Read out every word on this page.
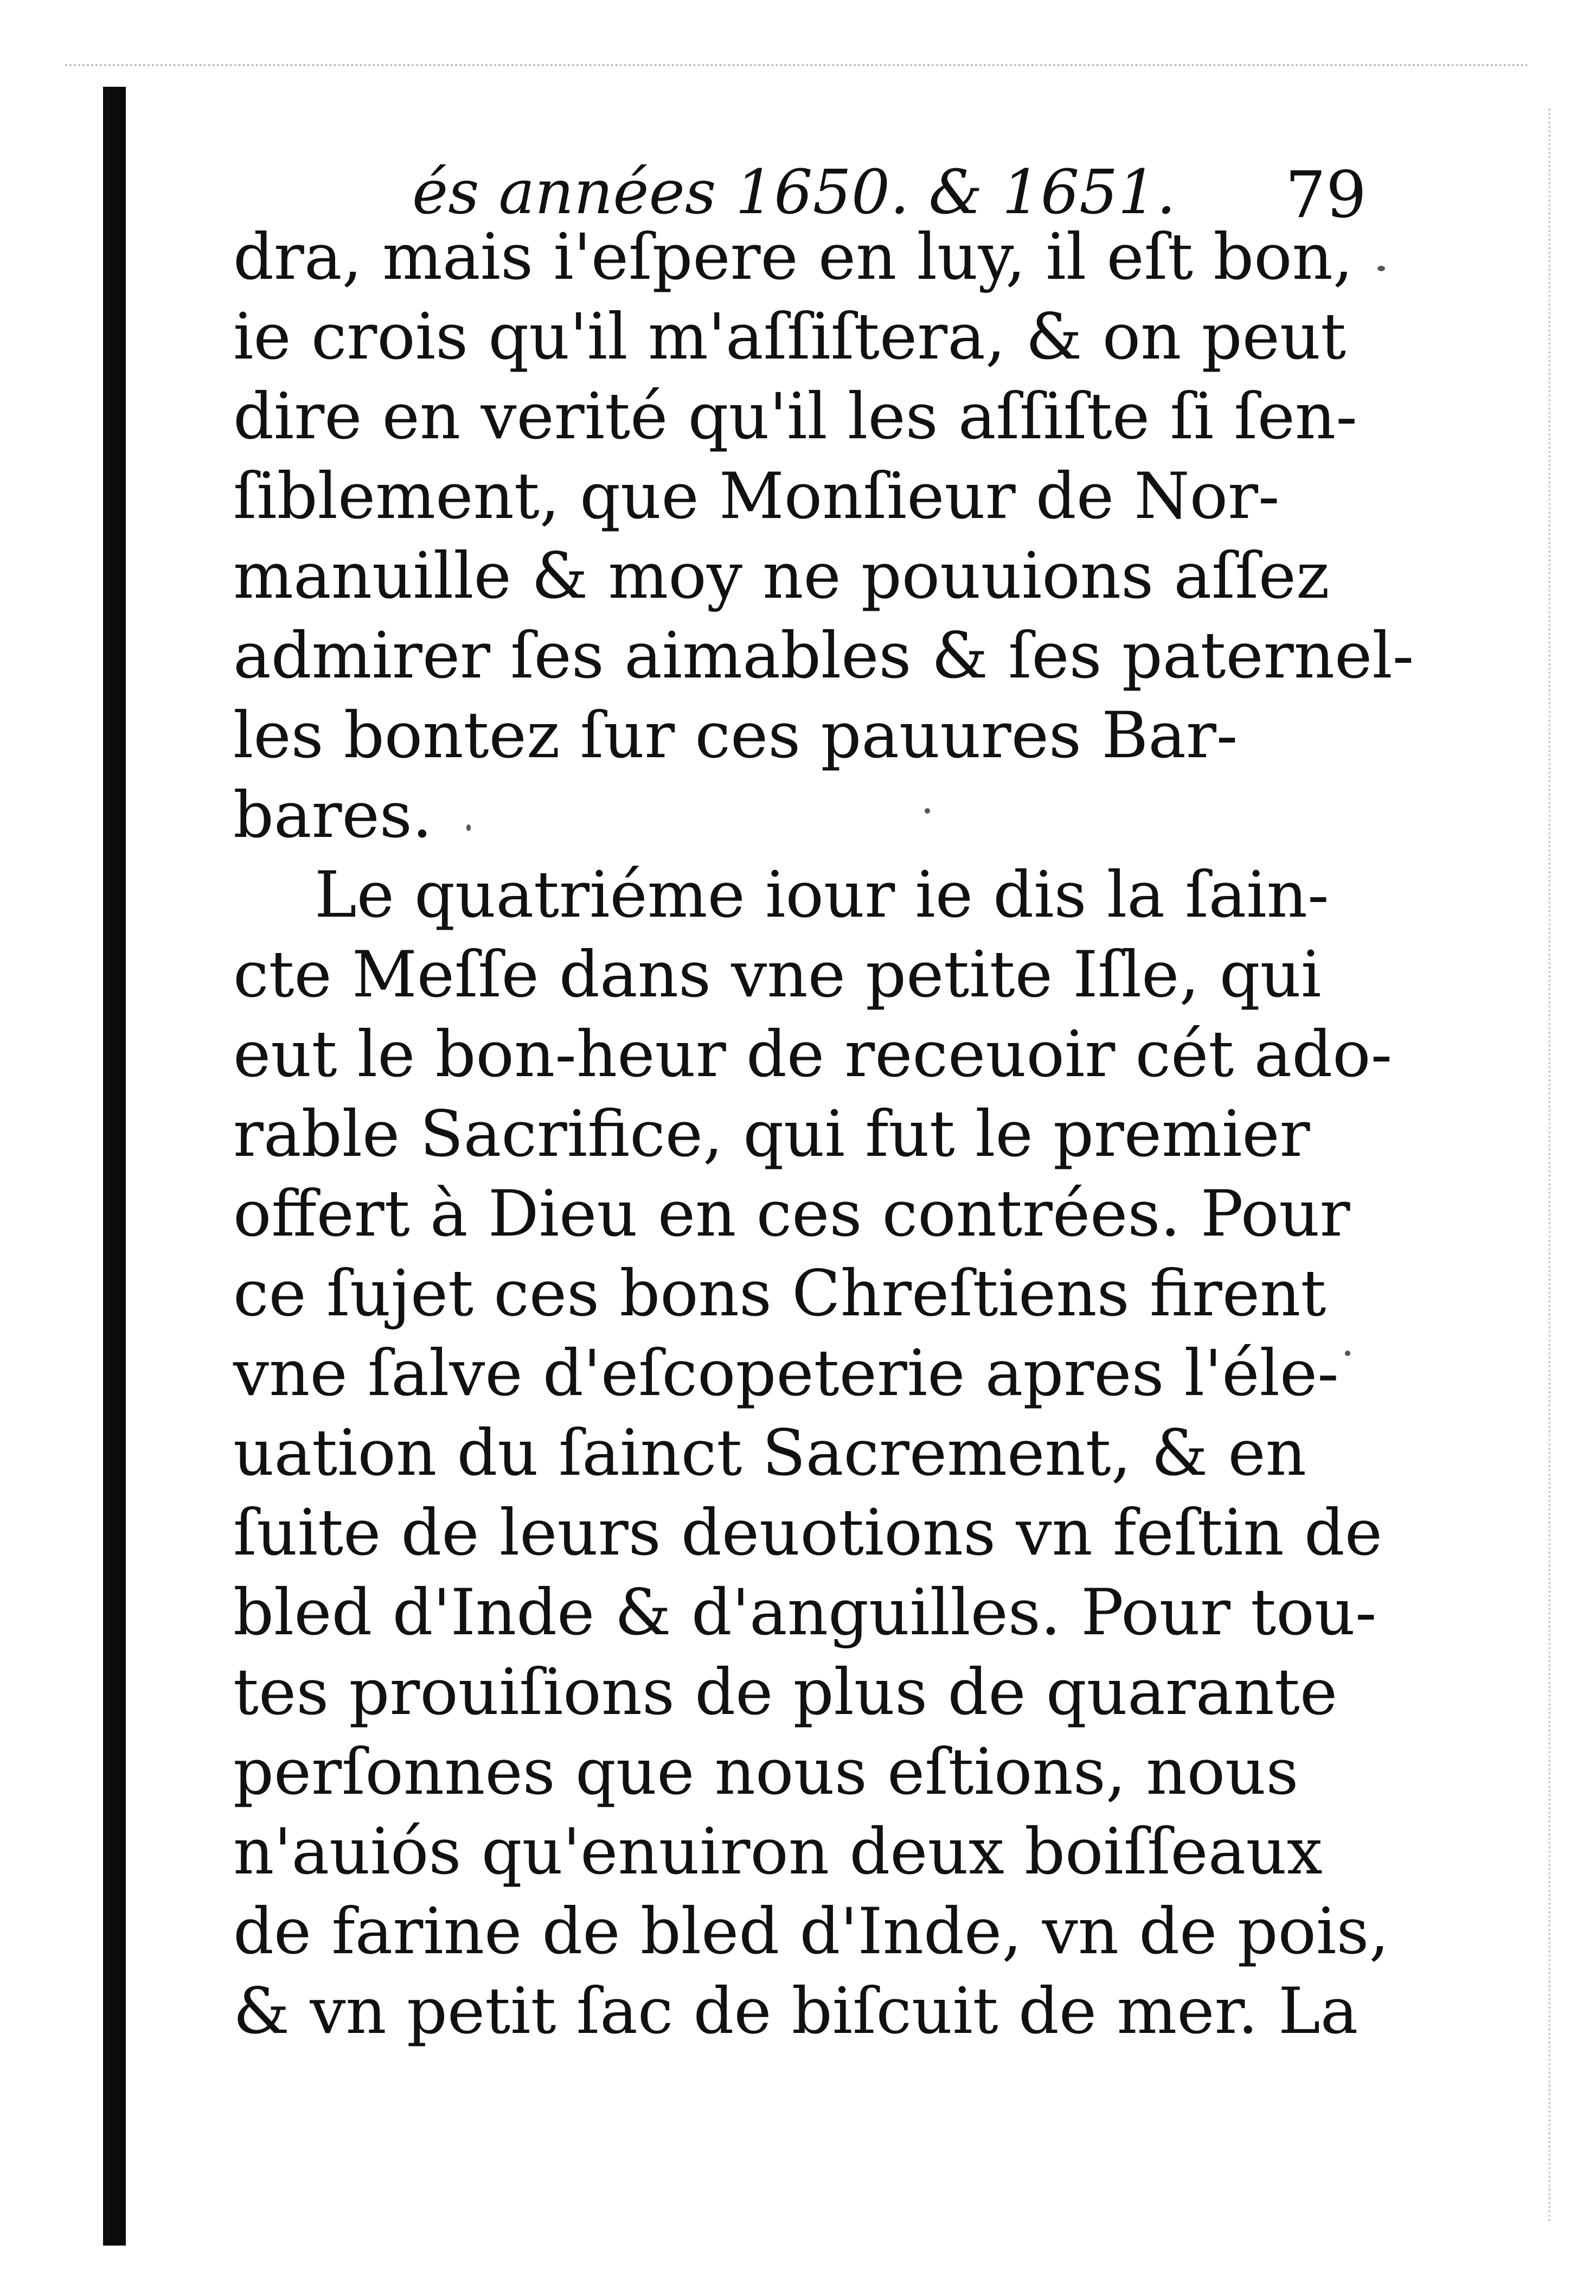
és années 1650. & 1651. 79
dra, mais i'eſpere en luy, il eſt bon,
ie crois qu'il m'aſſiſtera, & on peut
dire en verité qu'il les aſſiſte ſi ſen-
ſiblement, que Monſieur de Nor-
manuille & moy ne pouuions aſſez
admirer ſes aimables & ſes paternel-
les bontez ſur ces pauures Bar-
bares.
Le quatriéme iour ie dis la ſain-
cte Meſſe dans vne petite Iſle, qui
eut le bon-heur de receuoir cét ado-
rable Sacrifice, qui fut le premier
offert à Dieu en ces contrées. Pour
ce ſujet ces bons Chreſtiens firent
vne ſalve d'eſcopeterie apres l'éle-
uation du ſainct Sacrement, & en
ſuite de leurs deuotions vn feſtin de
bled d'Inde & d'anguilles. Pour tou-
tes prouiſions de plus de quarante
perſonnes que nous eſtions, nous
n'auiós qu'enuiron deux boiſſeaux
de farine de bled d'Inde, vn de pois,
& vn petit ſac de biſcuit de mer. La
